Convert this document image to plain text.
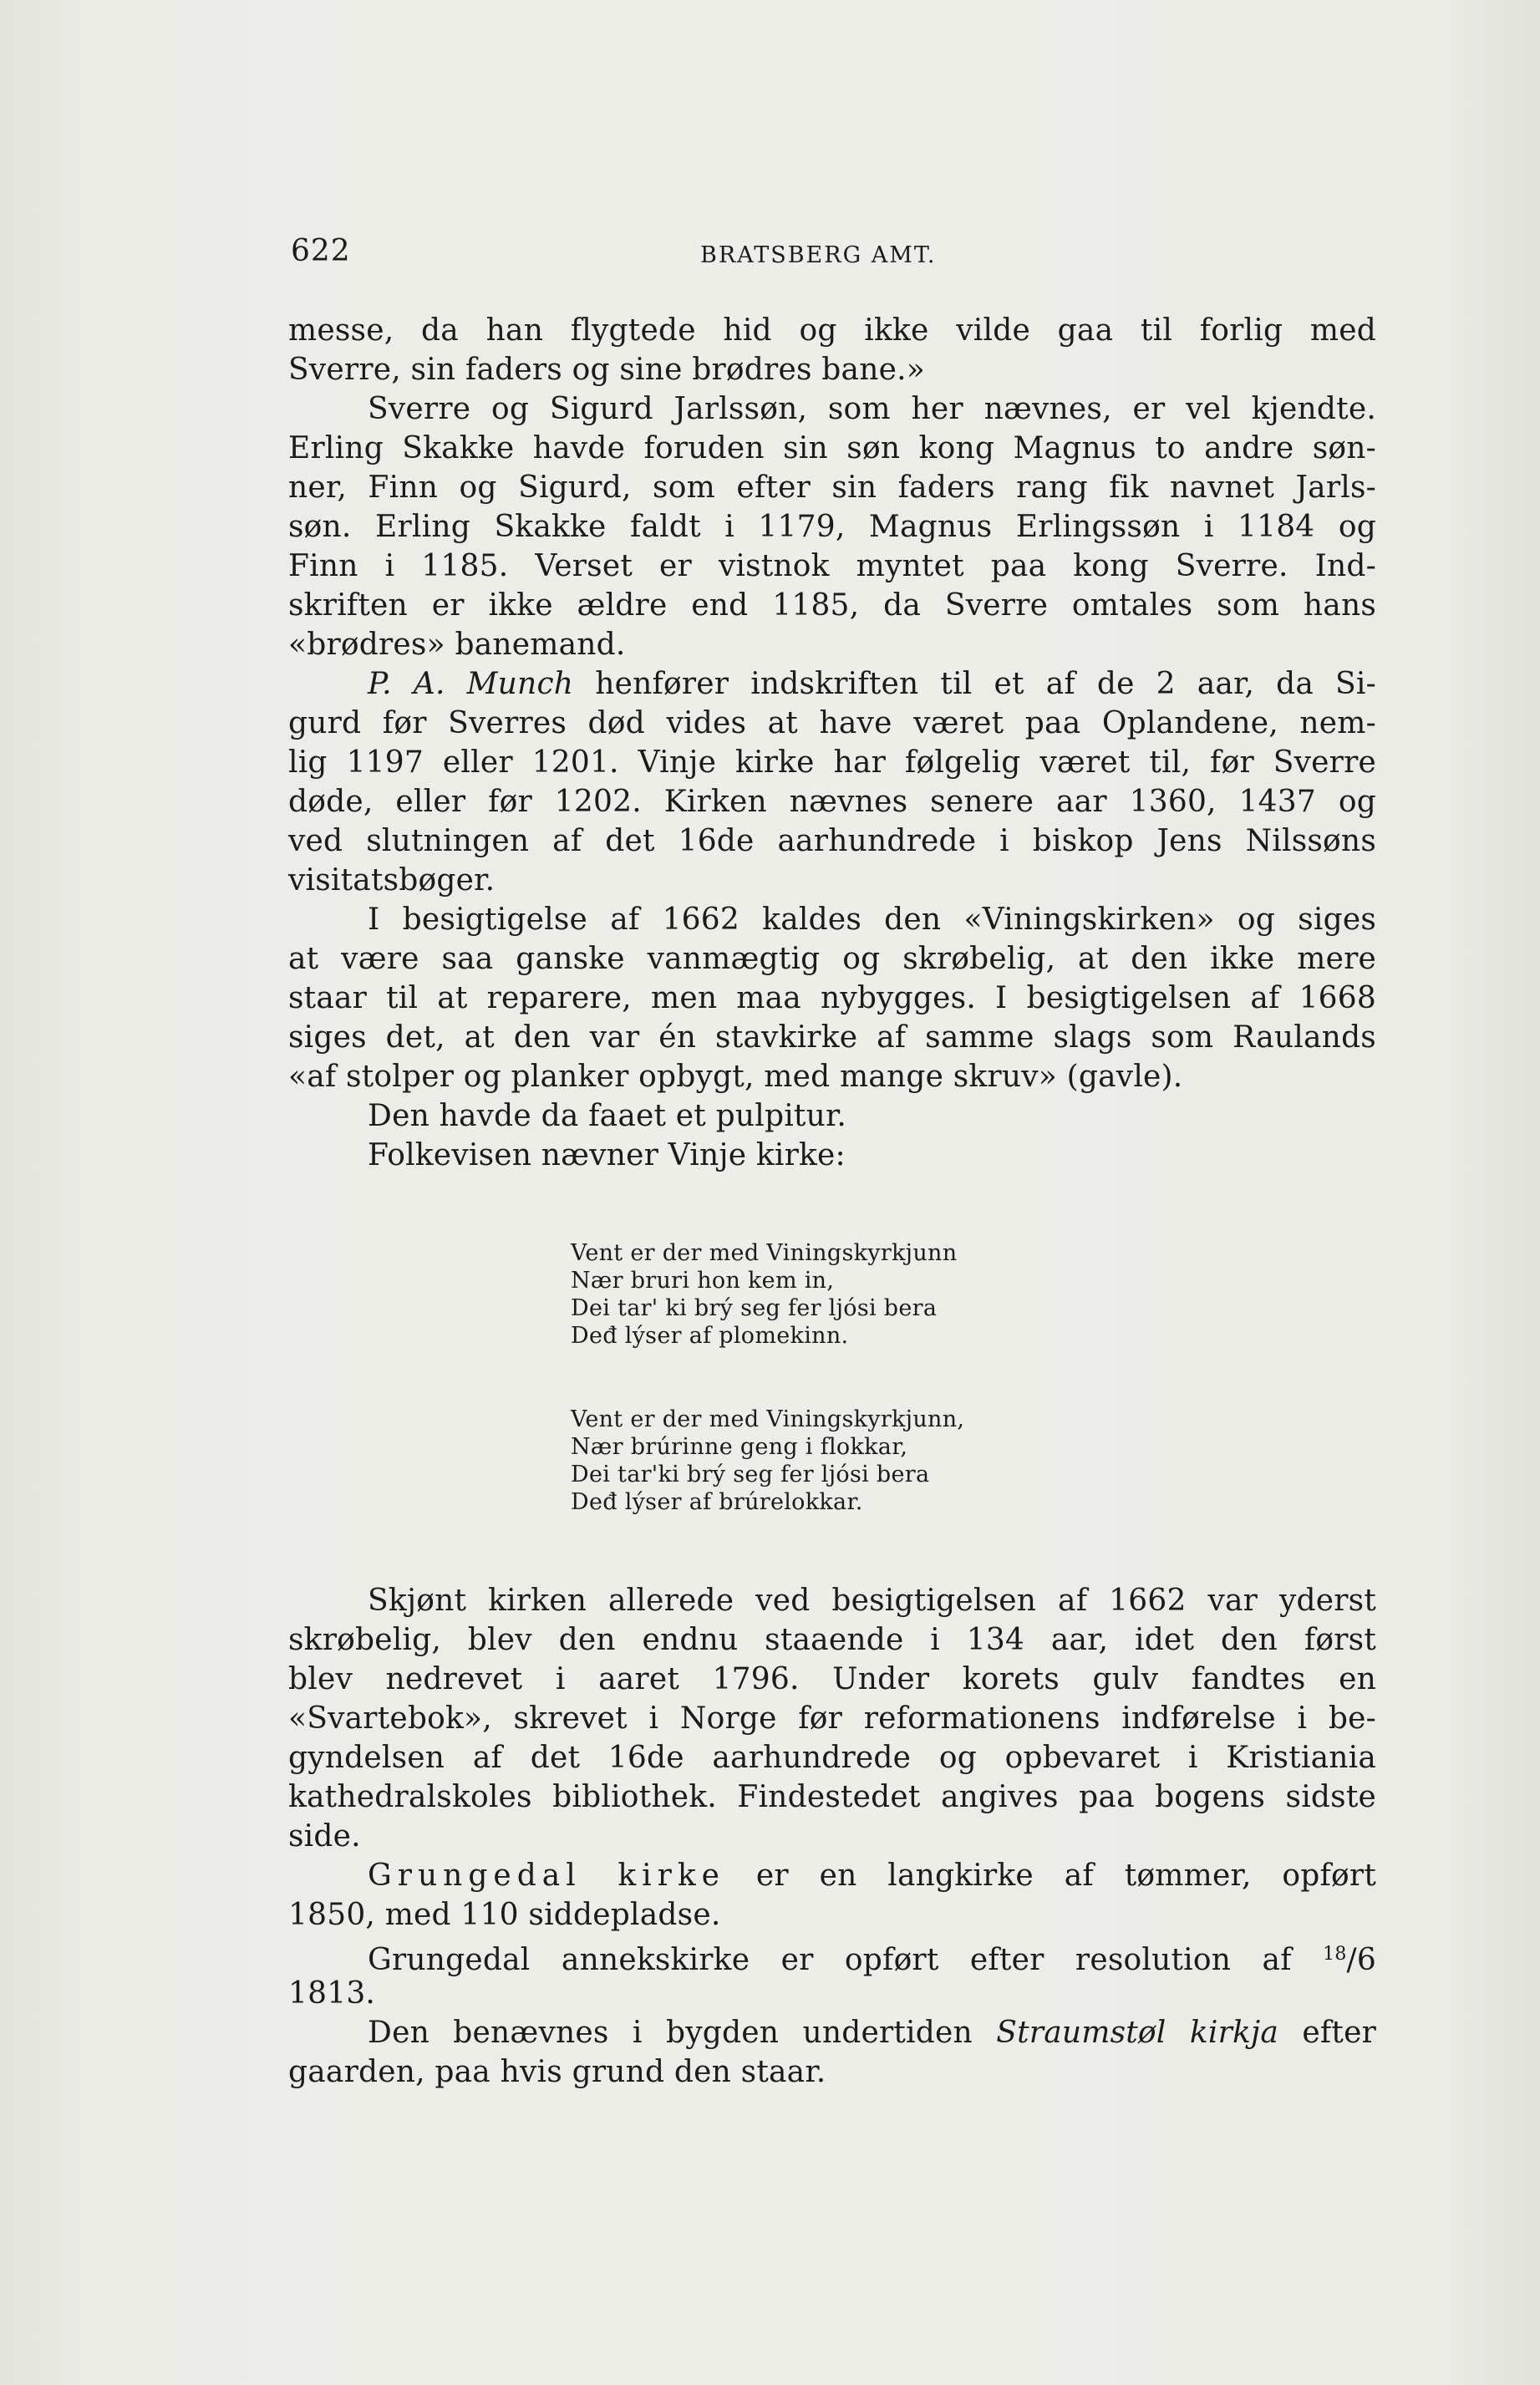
622	BRATSBERG AMT.
messe, da han flygtede hid og ikke vilde gaa til forlig med
Sverre, sin faders og sine brødres bane.»
Sverre og Sigurd Jarlssøn, som her nævnes, er vel kjendte.
Erling Skakke havde foruden sin søn kong Magnus to andre søn-
ner, Finn og Sigurd, som efter sin faders rang fik navnet Jarls-
søn. Erling Skakke faldt i 1179, Magnus Erlingssøn i 1184 og
Finn i 1185. Verset er vistnok myntet paa kong Sverre. Ind-
skriften er ikke ældre end 1185, da Sverre omtales som hans
«brødres» banemand.
P. A. Munch henfører indskriften til et af de 2 aar, da Si-
gurd før Sverres død vides at have været paa Oplandene, nem-
lig 1197 eller 1201. Vinje kirke har følgelig været til, før Sverre
døde, eller før 1202. Kirken nævnes senere aar 1360, 1437 og
ved slutningen af det 16de aarhundrede i biskop Jens Nilssøns
visitatsbøger.
I besigtigelse af 1662 kaldes den «Viningskirken» og siges
at være saa ganske vanmægtig og skrøbelig, at den ikke mere
staar til at reparere, men maa nybygges. I besigtigelsen af 1668
siges det, at den var én stavkirke af samme slags som Raulands
«af stolper og planker opbygt, med mange skruv» (gavle).
Den havde da faaet et pulpitur.
Folkevisen nævner Vinje kirke:
Vent er der med Viningskyrkjunn
Nær bruri hon kem in,
Dei tar' ki brý seg fer ljósi bera
Deđ lýser af plomekinn.
Vent er der med Viningskyrkjunn,
Nær brúrinne geng i flokkar,
Dei tar'ki brý seg fer ljósi bera
Deđ lýser af brúrelokkar.
Skjønt kirken allerede ved besigtigelsen af 1662 var yderst
skrøbelig, blev den endnu staaende i 134 aar, idet den først
blev nedrevet i aaret 1796. Under korets gulv fandtes en
«Svartebok», skrevet i Norge før reformationens indførelse i be-
gyndelsen af det 16de aarhundrede og opbevaret i Kristiania
kathedralskoles bibliothek. Findestedet angives paa bogens sidste
side.
Grungedal kirke er en langkirke af tømmer, opført
1850, med 110 siddepladse.
Grungedal annekskirke er opført efter resolution af $^{18}$/6
1813.
Den benævnes i bygden undertiden Straumstøl kirkja efter
gaarden, paa hvis grund den staar.
